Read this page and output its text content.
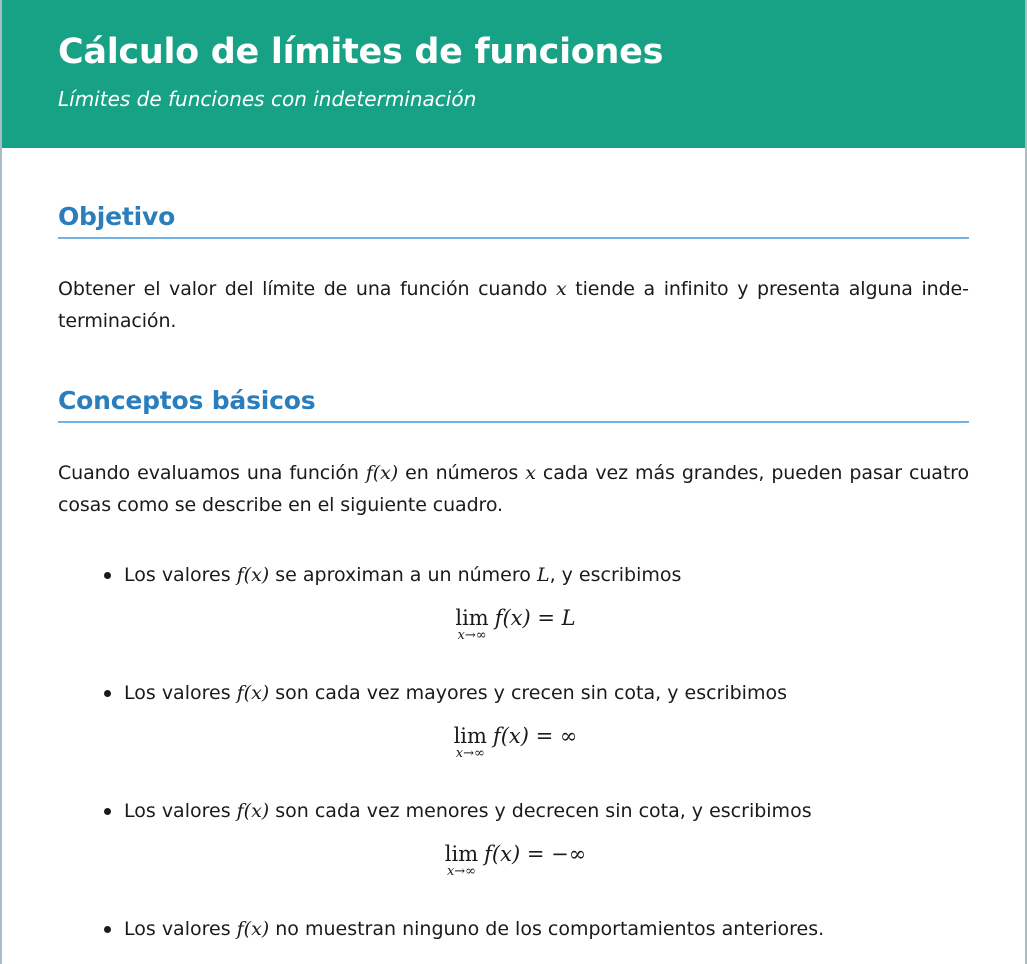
Cálculo de límites de funciones
Límites de funciones con indeterminación
Objetivo

Obtener el valor del límite de una función cuando x tiende a infinito y presenta alguna indeterminación.

Conceptos básicos

Cuando evaluamos una función f(x) en números x cada vez más grandes, pueden pasar cuatro cosas como se describe en el siguiente cuadro.

Los valores f(x) se aproximan a un número L, y escribimos
lim
x→∞
f(x) = L
Los valores f(x) son cada vez mayores y crecen sin cota, y escribimos
lim
x→∞
f(x) = ∞
Los valores f(x) son cada vez menores y decrecen sin cota, y escribimos
lim
x→∞
f(x) = −∞
Los valores f(x) no muestran ninguno de los comportamientos anteriores.
